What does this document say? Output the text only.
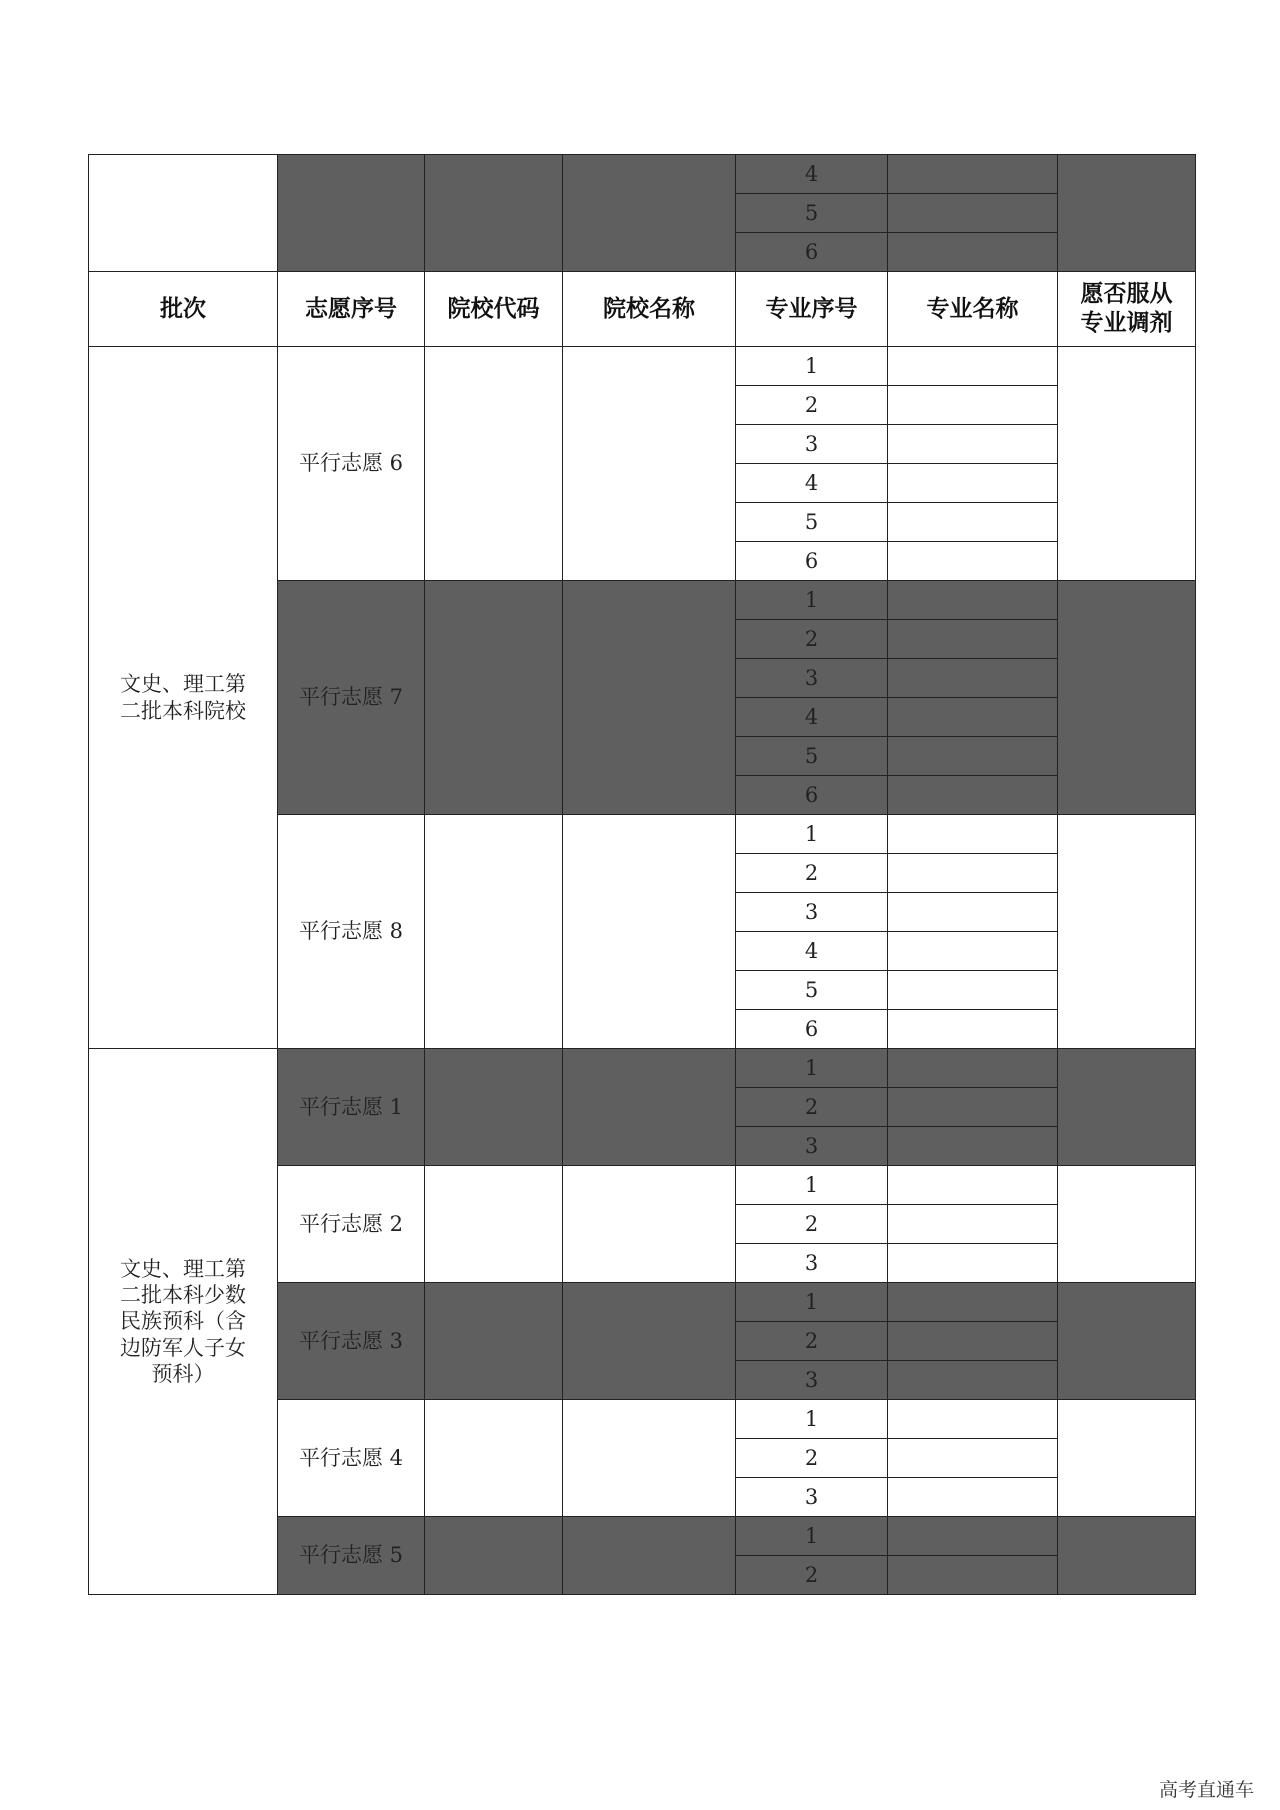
				4		
				5		
				6		
批次	志愿序号	院校代码	院校名称	专业序号	专业名称	愿否服从
专业调剂

文史、理工第
二批本科院校	平行志愿 6			1		
				2		
				3		
				4		
				5		
				6		
	平行志愿 7			1		
				2		
				3		
				4		
				5		
				6		
	平行志愿 8			1		
				2		
				3		
				4		
				5		
				6		

文史、理工第
二批本科少数
民族预科（含
边防军人子女
预科）	平行志愿 1			1		
				2		
				3		
	平行志愿 2			1		
				2		
				3		
	平行志愿 3			1		
				2		
				3		
	平行志愿 4			1		
				2		
				3		
	平行志愿 5			1		
				2		
高考直通车
